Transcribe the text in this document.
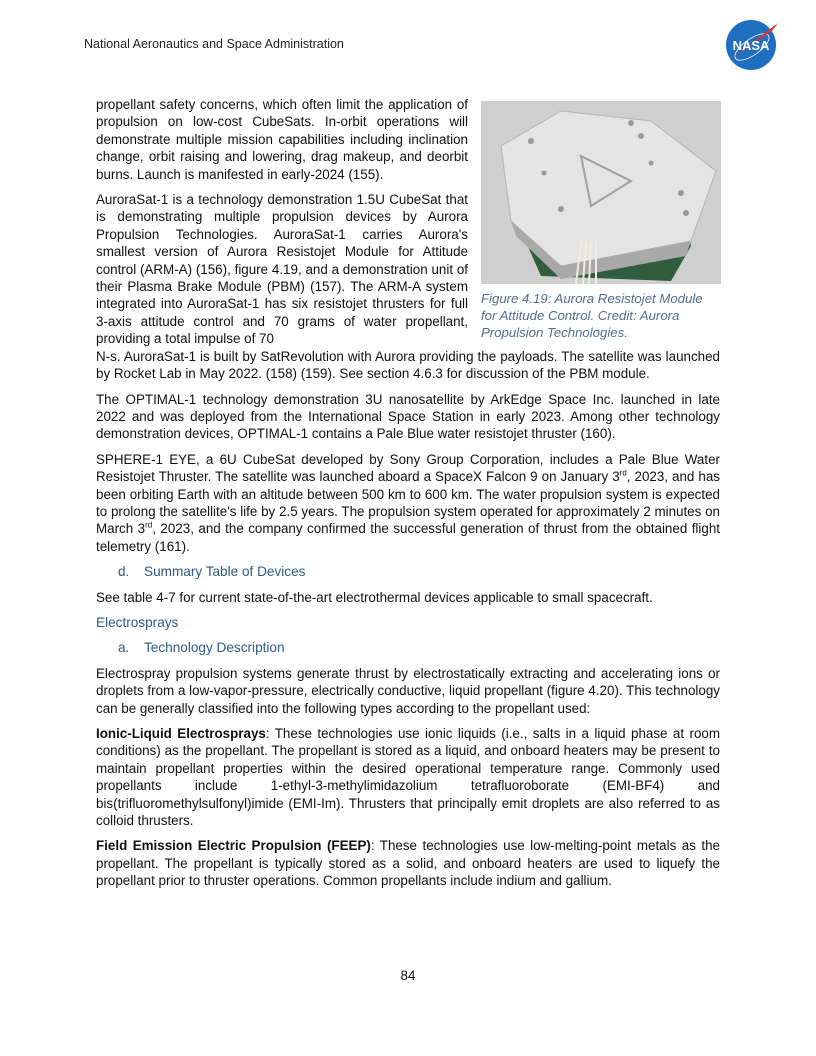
National Aeronautics and Space Administration	NASA
Figure 4.19: Aurora Resistojet Module for Attitude Control. Credit: Aurora Propulsion Technologies.

propellant safety concerns, which often limit the application of propulsion on low-cost CubeSats. In-orbit operations will demonstrate multiple mission capabilities including inclination change, orbit raising and lowering, drag makeup, and deorbit burns. Launch is manifested in early-2024 (155).

AuroraSat-1 is a technology demonstration 1.5U CubeSat that is demonstrating multiple propulsion devices by Aurora Propulsion Technologies. AuroraSat-1 carries Aurora's smallest version of Aurora Resistojet Module for Attitude control (ARM-A) (156), figure 4.19, and a demonstration unit of their Plasma Brake Module (PBM) (157). The ARM-A system integrated into AuroraSat-1 has six resistojet thrusters for full 3-axis attitude control and 70 grams of water propellant, providing a total impulse of 70

N-s. AuroraSat-1 is built by SatRevolution with Aurora providing the payloads. The satellite was launched by Rocket Lab in May 2022. (158) (159). See section 4.6.3 for discussion of the PBM module.

The OPTIMAL-1 technology demonstration 3U nanosatellite by ArkEdge Space Inc. launched in late 2022 and was deployed from the International Space Station in early 2023. Among other technology demonstration devices, OPTIMAL-1 contains a Pale Blue water resistojet thruster (160).

SPHERE-1 EYE, a 6U CubeSat developed by Sony Group Corporation, includes a Pale Blue Water Resistojet Thruster. The satellite was launched aboard a SpaceX Falcon 9 on January 3rd, 2023, and has been orbiting Earth with an altitude between 500 km to 600 km. The water propulsion system is expected to prolong the satellite's life by 2.5 years. The propulsion system operated for approximately 2 minutes on March 3rd, 2023, and the company confirmed the successful generation of thrust from the obtained flight telemetry (161).

d. Summary Table of Devices

See table 4-7 for current state-of-the-art electrothermal devices applicable to small spacecraft.

Electrosprays
a. Technology Description

Electrospray propulsion systems generate thrust by electrostatically extracting and accelerating ions or droplets from a low-vapor-pressure, electrically conductive, liquid propellant (figure 4.20). This technology can be generally classified into the following types according to the propellant used:

Ionic-Liquid Electrosprays: These technologies use ionic liquids (i.e., salts in a liquid phase at room conditions) as the propellant. The propellant is stored as a liquid, and onboard heaters may be present to maintain propellant properties within the desired operational temperature range. Commonly used propellants include 1-ethyl-3-methylimidazolium tetrafluoroborate (EMI-BF4) and bis(trifluoromethylsulfonyl)imide (EMI-Im). Thrusters that principally emit droplets are also referred to as colloid thrusters.

Field Emission Electric Propulsion (FEEP): These technologies use low-melting-point metals as the propellant. The propellant is typically stored as a solid, and onboard heaters are used to liquefy the propellant prior to thruster operations. Common propellants include indium and gallium.

84
